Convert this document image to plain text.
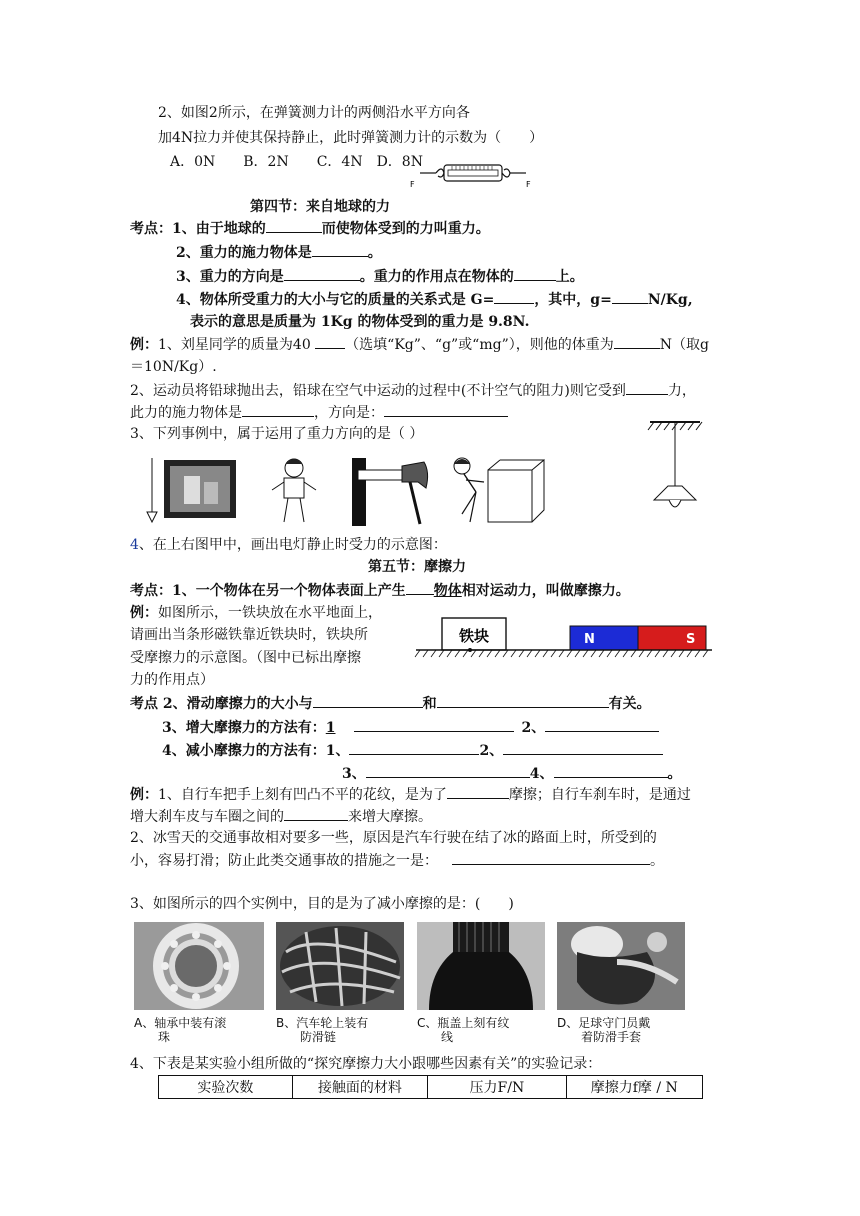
2、如图2所示，在弹簧测力计的两侧沿水平方向各
加4N拉力并使其保持静止，此时弹簧测力计的示数为（　　）
A．0N　　B．2N　　C．4N　D．8N
F	F
第四节：来自地球的力
考点：1、由于地球的	而使物体受到的力叫重力。
2、重力的施力物体是	。
3、重力的方向是	。重力的作用点在物体的	上。
4、物体所受重力的大小与它的质量的关系式是 G=	，其中，g=	N/Kg,
表示的意思是质量为 1Kg 的物体受到的重力是 9.8N.
例：1、刘星同学的质量为40 （选填“Kg”、“g”或“mg”），则他的体重为	N（取g
＝10N/Kg）.
2、运动员将铅球抛出去，铅球在空气中运动的过程中(不计空气的阻力)则它受到	力，
此力的施力物体是	，方向是：
3、下列事例中，属于运用了重力方向的是（ ）
4、在上右图甲中，画出电灯静止时受力的示意图：
第五节：摩擦力
考点：1、一个物体在另一个物体表面上产生 物体相对运动力，叫做摩擦力。
例：如图所示，一铁块放在水平地面上，
请画出当条形磁铁靠近铁块时，铁块所
受摩擦力的示意图。（图中已标出摩擦
力的作用点）
铁块	N	S
考点 2、滑动摩擦力的大小与	和	有关。
3、增大摩擦力的方法有：1	2、
4、减小摩擦力的方法有：1、	2、
3、	4、	。
例：1、自行车把手上刻有凹凸不平的花纹，是为了	摩擦；自行车刹车时，是通过
增大刹车皮与车圈之间的	来增大摩擦。
2、冰雪天的交通事故相对要多一些，原因是汽车行驶在结了冰的路面上时，所受到的
小，容易打滑；防止此类交通事故的措施之一是：	。
3、如图所示的四个实例中，目的是为了减小摩擦的是：(　　)
A、轴承中装有滚
　　珠
B、汽车轮上装有
　　防滑链
C、瓶盖上刻有纹
　　线
D、足球守门员戴
　　着防滑手套
4、下表是某实验小组所做的“探究摩擦力大小跟哪些因素有关”的实验记录：
实验次数	接触面的材料	压力F/N	摩擦力f摩 / N
